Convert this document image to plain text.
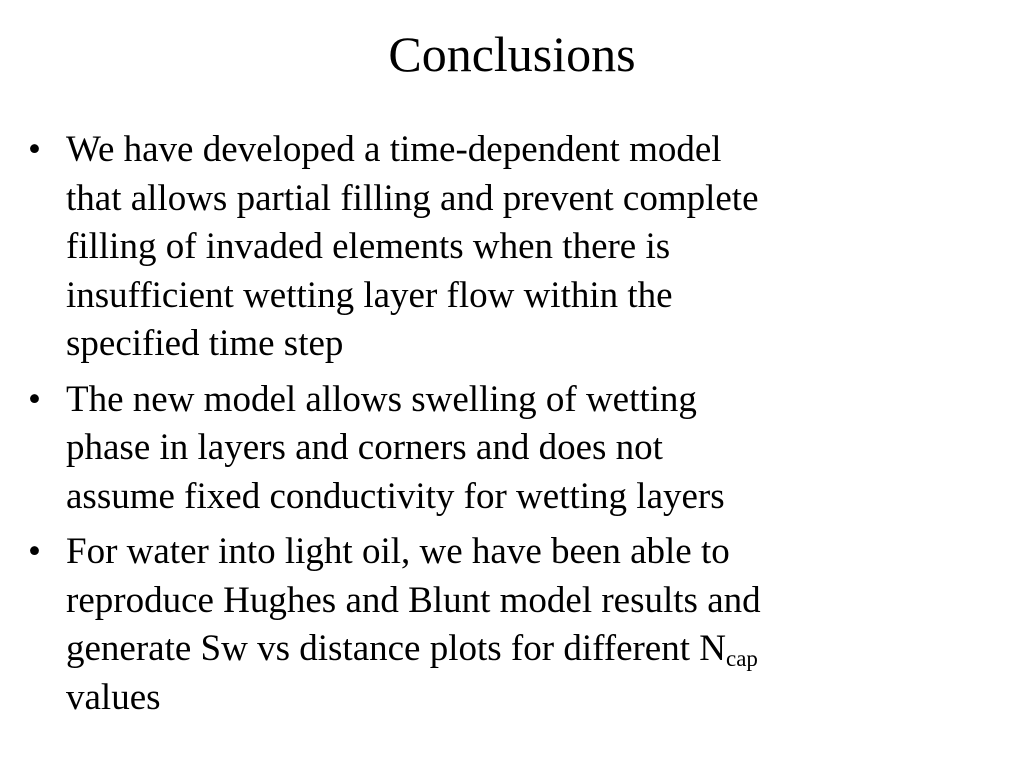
Conclusions
• We have developed a time-dependent model
that allows partial filling and prevent complete
filling of invaded elements when there is
insufficient wetting layer flow within the
specified time step
• The new model allows swelling of wetting
phase in layers and corners and does not
assume fixed conductivity for wetting layers
• For water into light oil, we have been able to
reproduce Hughes and Blunt model results and
generate Sw vs distance plots for different $N_{cap}$
values
